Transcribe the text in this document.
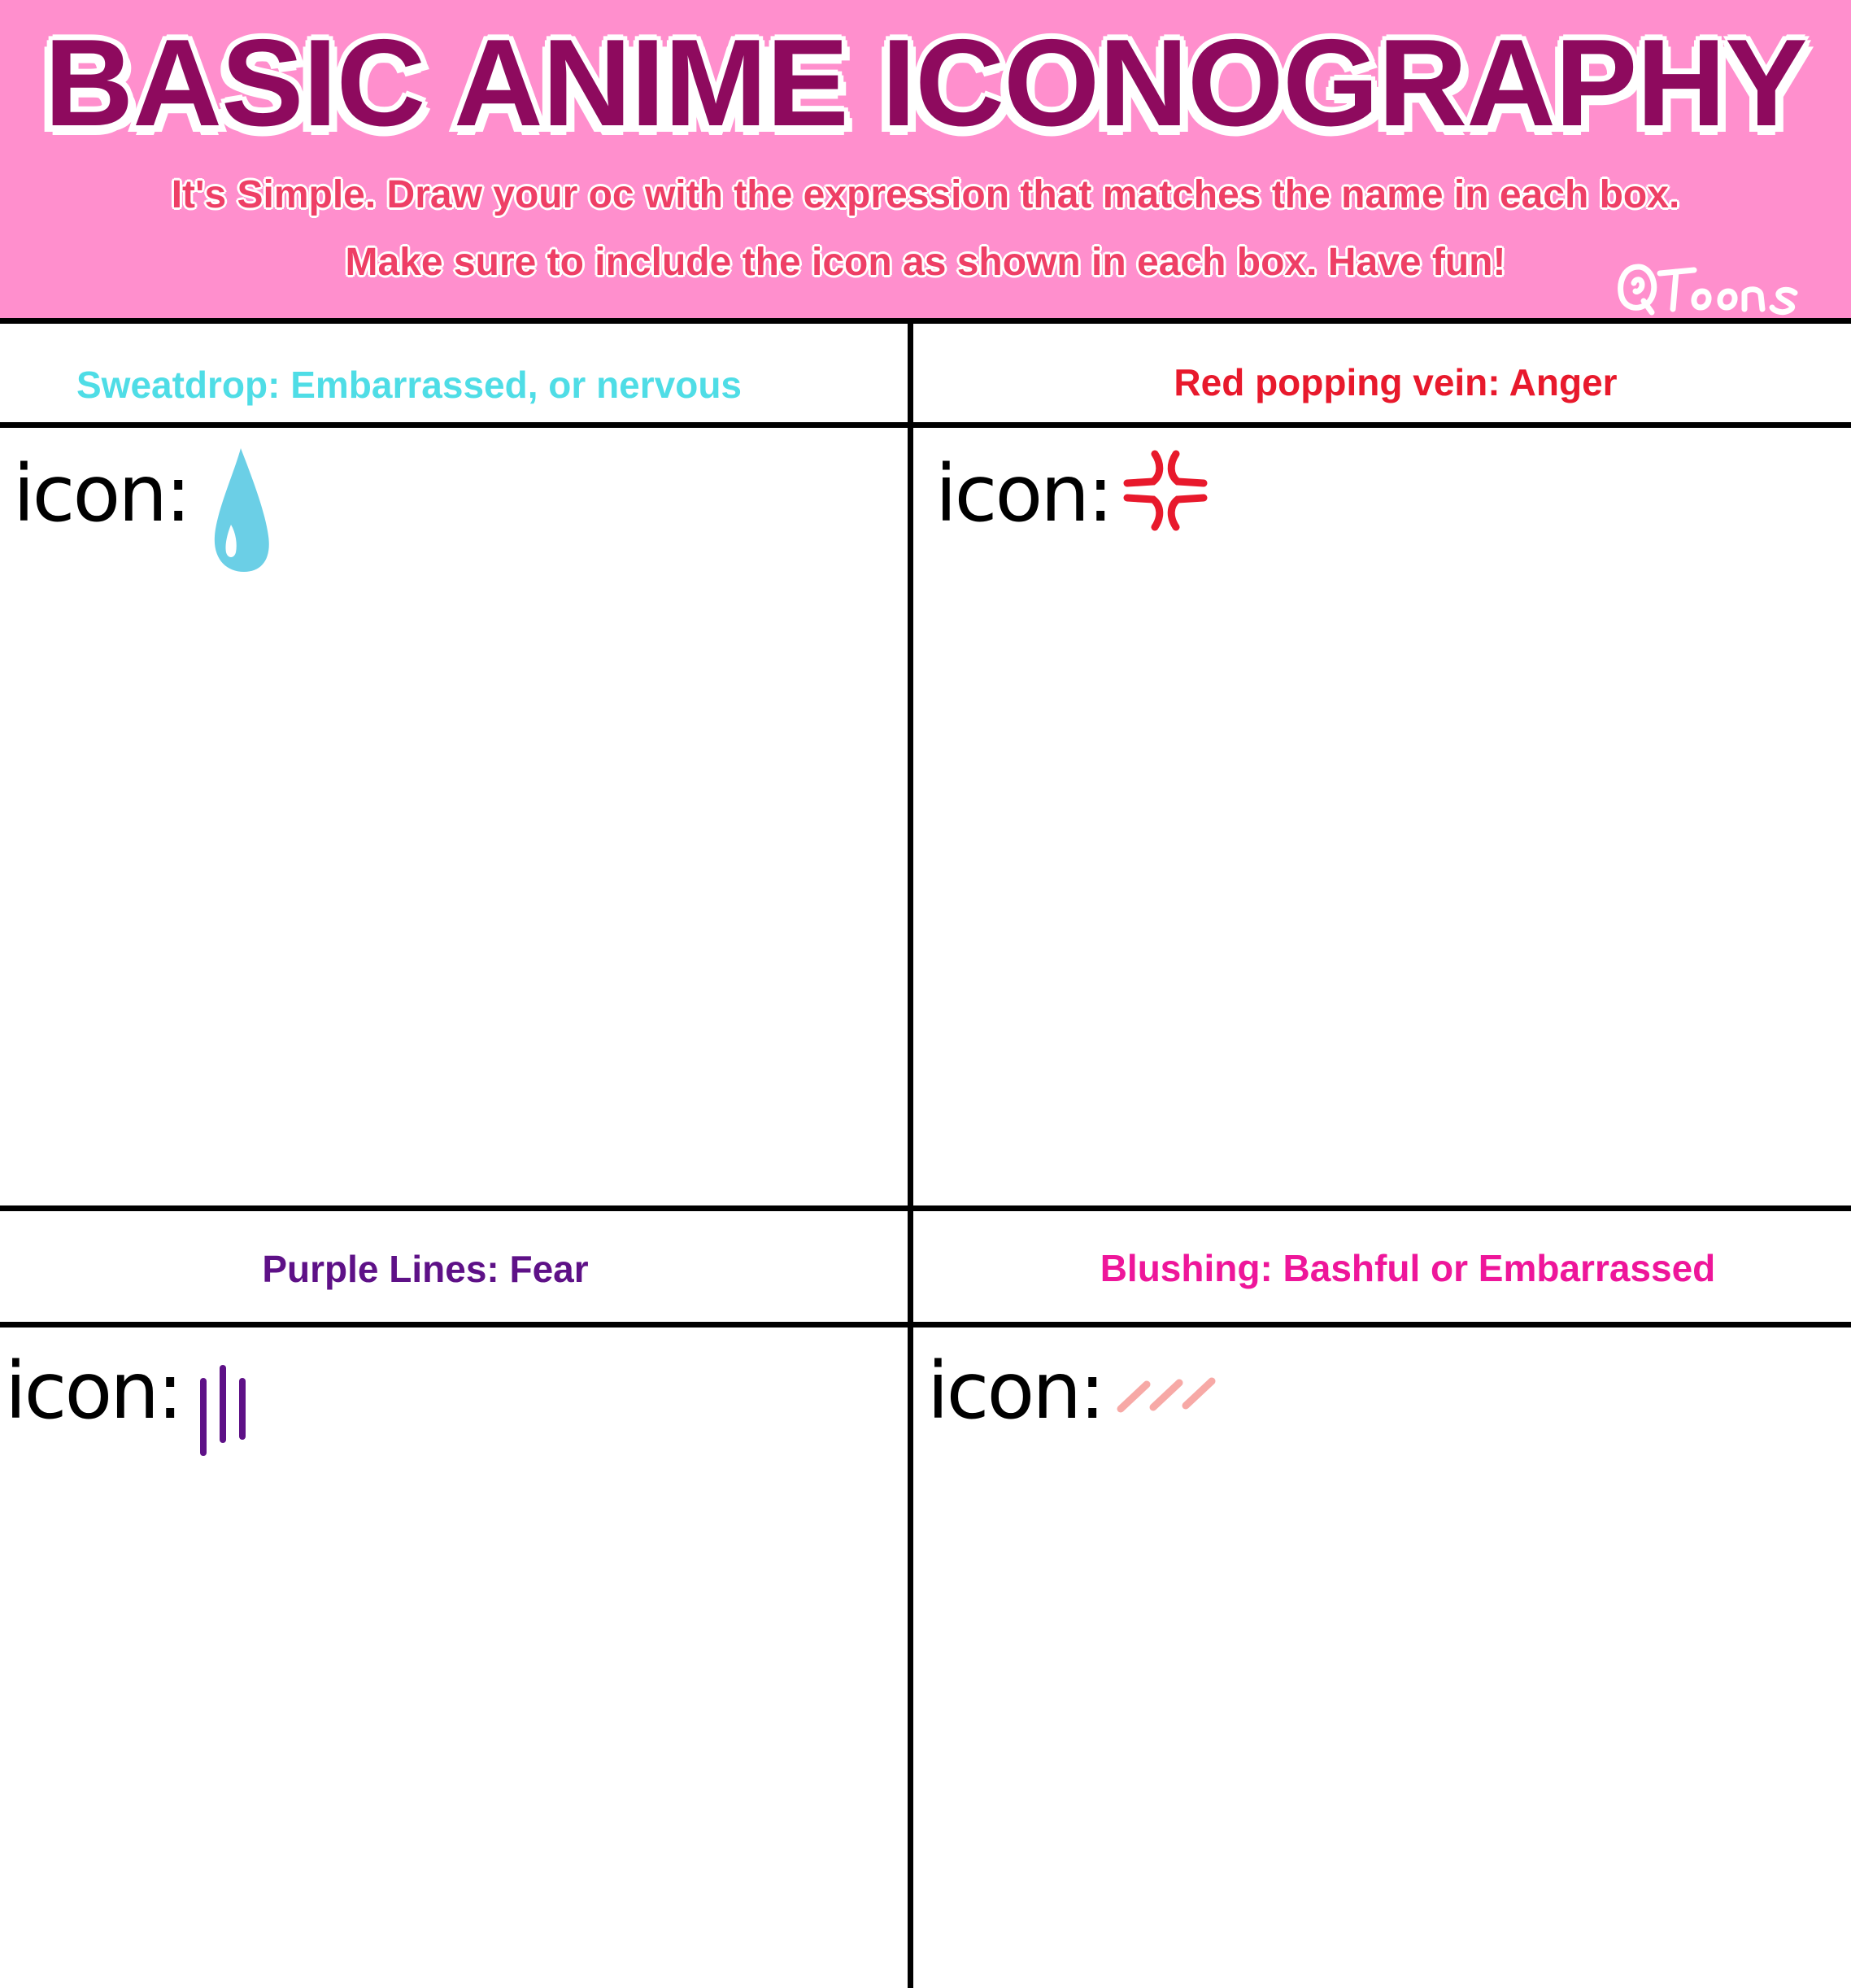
BASIC ANIME ICONOGRAPHY
It's Simple. Draw your oc with the expression that matches the name in each box.
Make sure to include the icon as shown in each box. Have fun!
Sweatdrop: Embarrassed, or nervous
icon:
Red popping vein: Anger
icon:
Purple Lines: Fear
icon:
Blushing: Bashful or Embarrassed
icon:
